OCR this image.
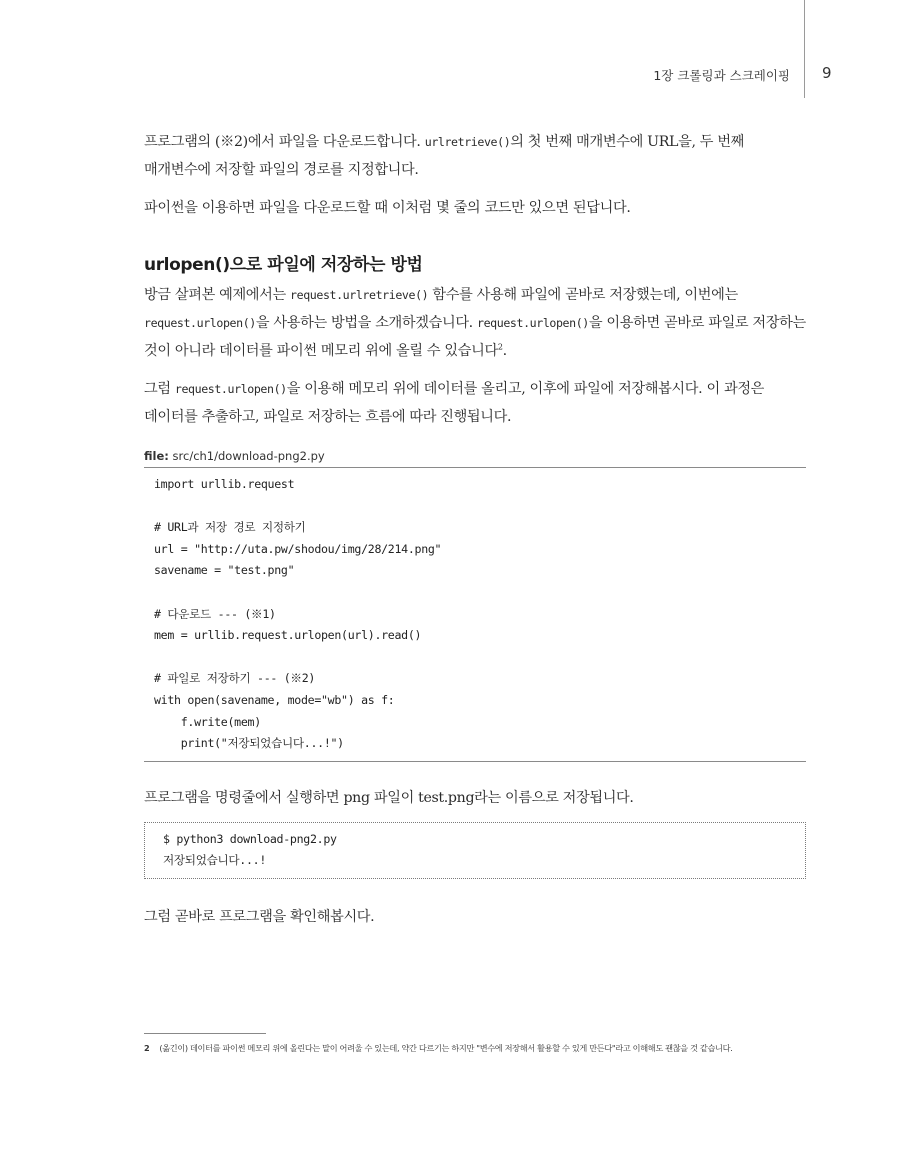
1장 크롤링과 스크레이핑 9

프로그램의 (※2)에서 파일을 다운로드합니다. urlretrieve()의 첫 번째 매개변수에 URL을, 두 번째 매개변수에 저장할 파일의 경로를 지정합니다.

파이썬을 이용하면 파일을 다운로드할 때 이처럼 몇 줄의 코드만 있으면 된답니다.

urlopen()으로 파일에 저장하는 방법

방금 살펴본 예제에서는 request.urlretrieve() 함수를 사용해 파일에 곧바로 저장했는데, 이번에는 request.urlopen()을 사용하는 방법을 소개하겠습니다. request.urlopen()을 이용하면 곧바로 파일로 저장하는 것이 아니라 데이터를 파이썬 메모리 위에 올릴 수 있습니다$^2$.

그럼 request.urlopen()을 이용해 메모리 위에 데이터를 올리고, 이후에 파일에 저장해봅시다. 이 과정은 데이터를 추출하고, 파일로 저장하는 흐름에 따라 진행됩니다.

file: src/ch1/download-png2.py
import urllib.request
# URL과 저장 경로 지정하기
url = "http://uta.pw/shodou/img/28/214.png"
savename = "test.png"
# 다운로드 --- (※1)
mem = urllib.request.urlopen(url).read()
# 파일로 저장하기 --- (※2)
with open(savename, mode="wb") as f:
f.write(mem)
print("저장되었습니다...!")

프로그램을 명령줄에서 실행하면 png 파일이 test.png라는 이름으로 저장됩니다.

$ python3 download-png2.py
저장되었습니다...!

그럼 곧바로 프로그램을 확인해봅시다.

2 (옮긴이) 데이터를 파이썬 메모리 위에 올린다는 말이 어려울 수 있는데, 약간 다르기는 하지만 "변수에 저장해서 활용할 수 있게 만든다"라고 이해해도 괜찮을 것 같습니다.
